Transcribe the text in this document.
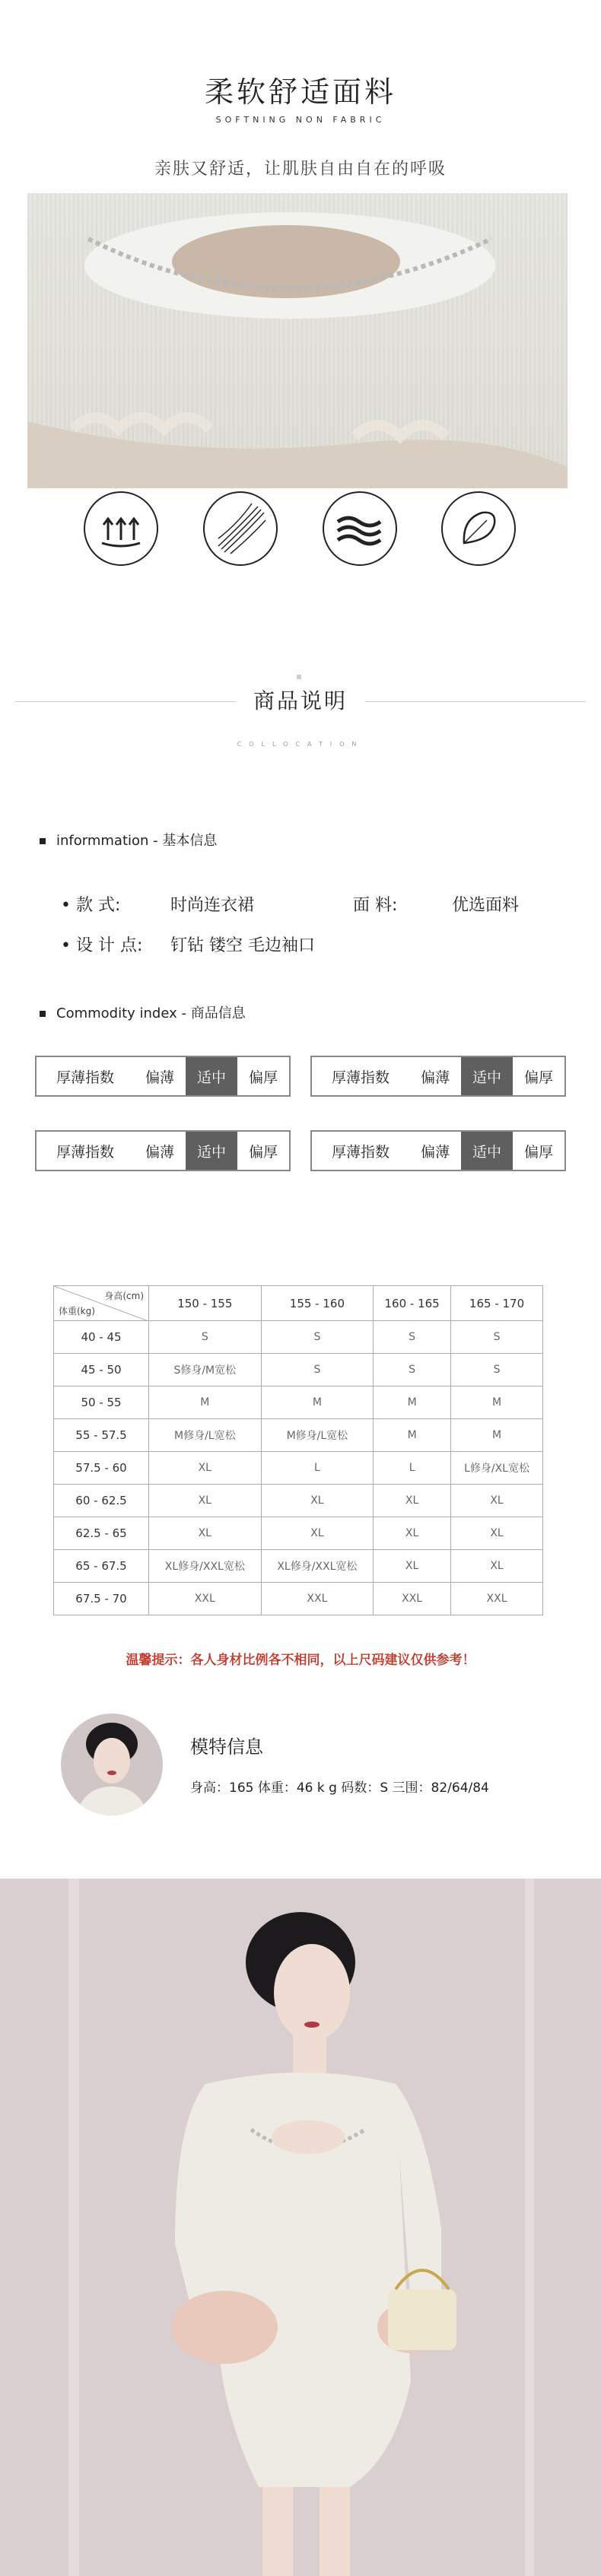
柔软舒适面料
SOFTNING NON FABRIC
亲肤又舒适，让肌肤自由自在的呼吸
商品说明
COLLOCATION
informmation - 基本信息
• 款 式:	时尚连衣裙	面 料:	优选面料
• 设 计 点: 钉钻 镂空 毛边袖口
Commodity index - 商品信息
厚薄指数	偏薄	适中	偏厚	厚薄指数	偏薄	适中	偏厚
厚薄指数	偏薄	适中	偏厚	厚薄指数	偏薄	适中	偏厚
身高(cm)
体重(kg)	150 - 155	155 - 160	160 - 165	165 - 170
40 - 45	S	S	S	S
45 - 50	S修身/M宽松	S	S	S
50 - 55	M	M	M	M
55 - 57.5	M修身/L宽松	M修身/L宽松	M	M
57.5 - 60	XL	L	L	L修身/XL宽松
60 - 62.5	XL	XL	XL	XL
62.5 - 65	XL	XL	XL	XL
65 - 67.5	XL修身/XXL宽松	XL修身/XXL宽松	XL	XL
67.5 - 70	XXL	XXL	XXL	XXL
温馨提示：各人身材比例各不相同，以上尺码建议仅供参考！
模特信息
身高：165 体重：46 k g 码数：S 三围：82/64/84
